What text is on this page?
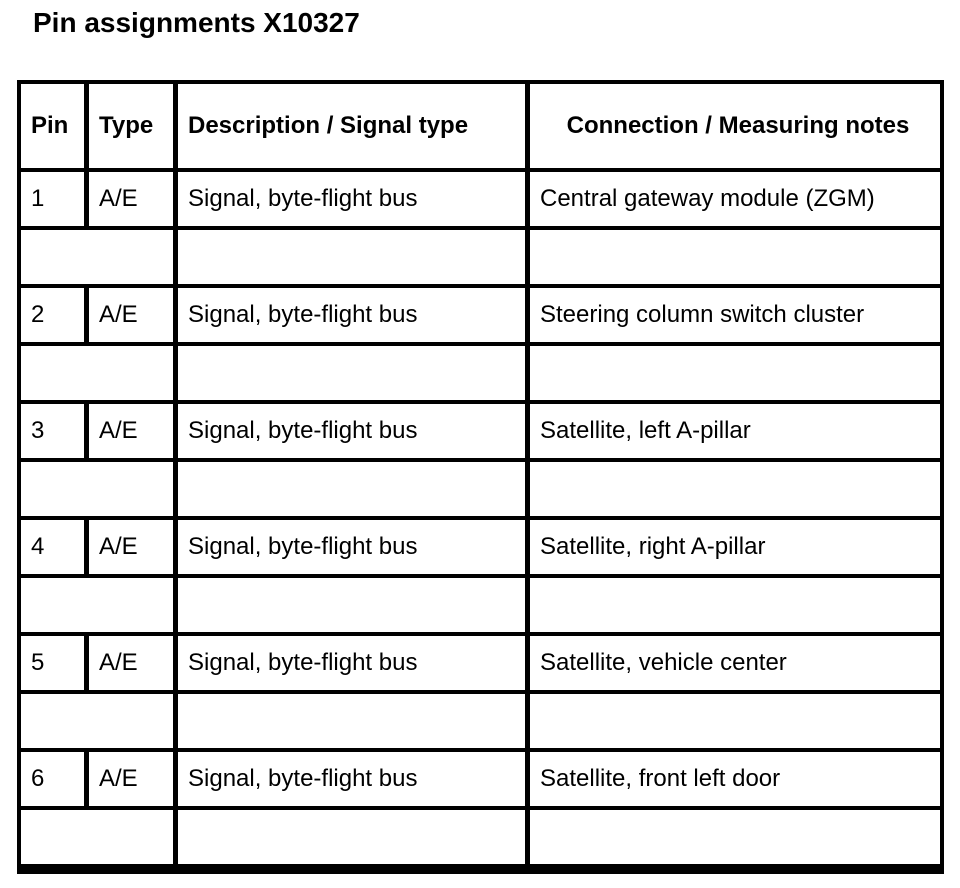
Pin assignments X10327
Pin	Type	Description / Signal type	Connection / Measuring notes
1	A/E	Signal, byte-flight bus	Central gateway module (ZGM)
2	A/E	Signal, byte-flight bus	Steering column switch cluster
3	A/E	Signal, byte-flight bus	Satellite, left A-pillar
4	A/E	Signal, byte-flight bus	Satellite, right A-pillar
5	A/E	Signal, byte-flight bus	Satellite, vehicle center
6	A/E	Signal, byte-flight bus	Satellite, front left door
